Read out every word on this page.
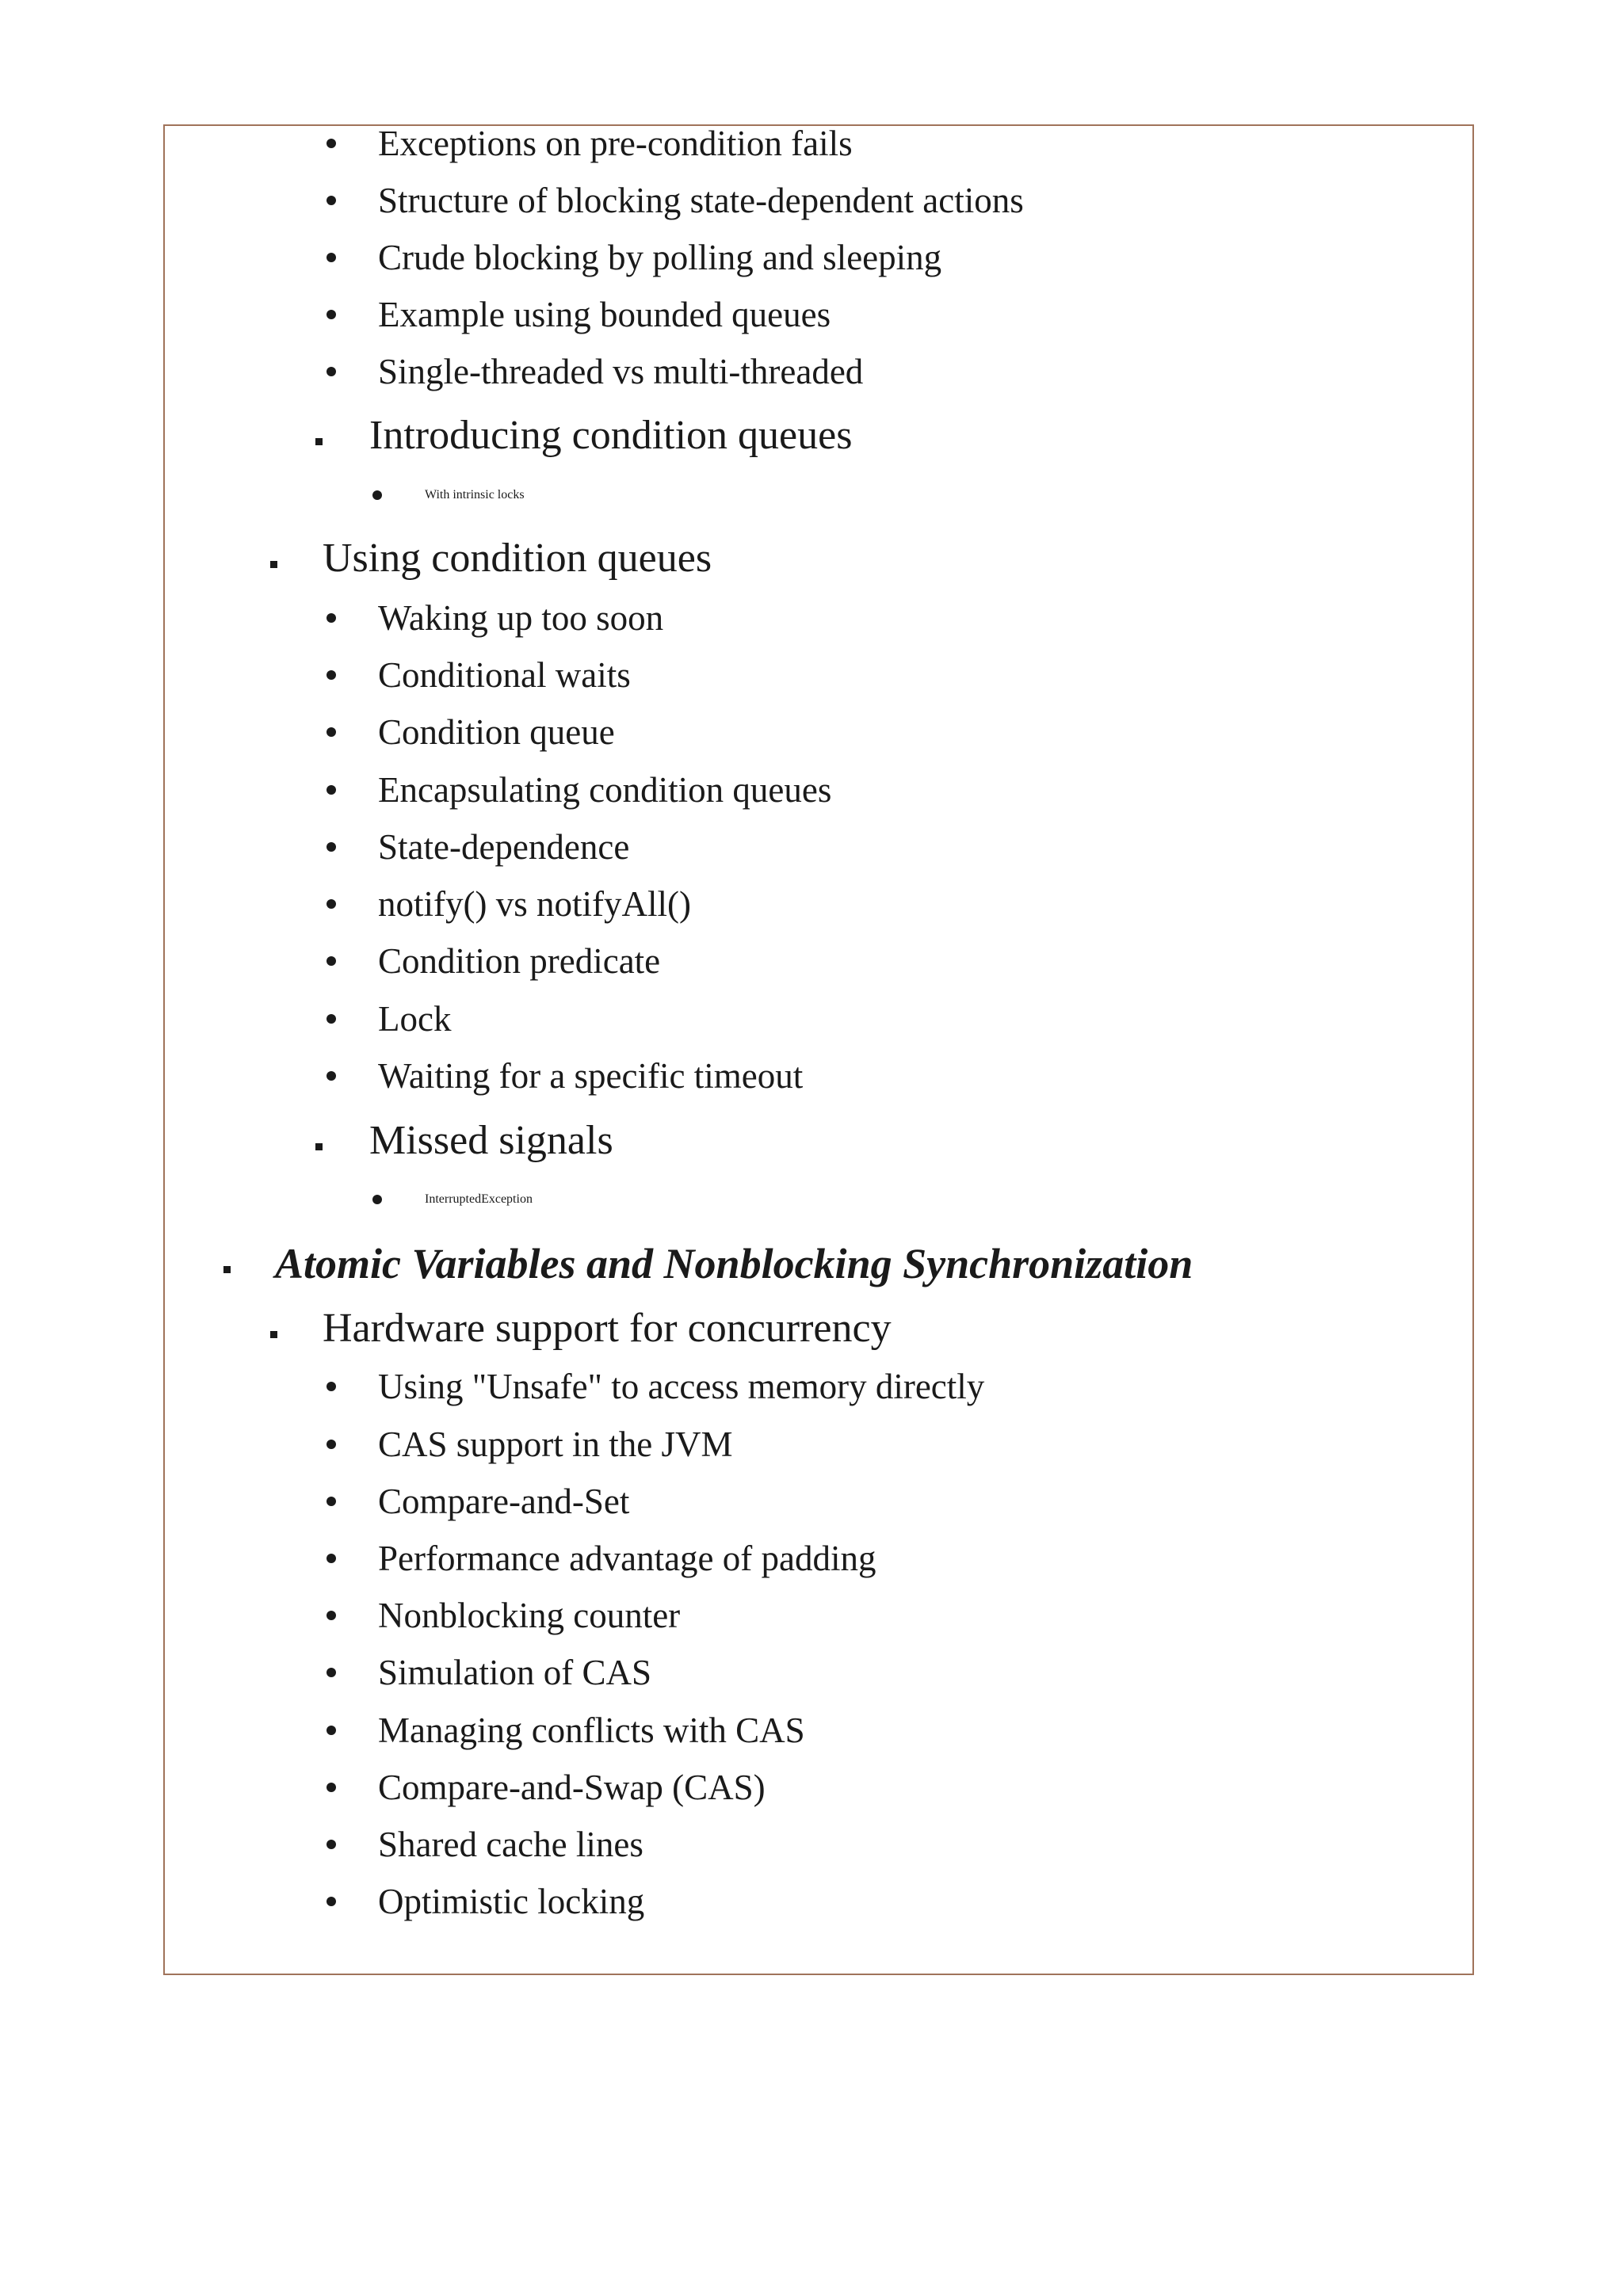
Exceptions on pre-condition fails
Structure of blocking state-dependent actions
Crude blocking by polling and sleeping
Example using bounded queues
Single-threaded vs multi-threaded
Introducing condition queues
With intrinsic locks
Using condition queues
Waking up too soon
Conditional waits
Condition queue
Encapsulating condition queues
State-dependence
notify() vs notifyAll()
Condition predicate
Lock
Waiting for a specific timeout
Missed signals
InterruptedException
Atomic Variables and Nonblocking Synchronization
Hardware support for concurrency
Using "Unsafe" to access memory directly
CAS support in the JVM
Compare-and-Set
Performance advantage of padding
Nonblocking counter
Simulation of CAS
Managing conflicts with CAS
Compare-and-Swap (CAS)
Shared cache lines
Optimistic locking
